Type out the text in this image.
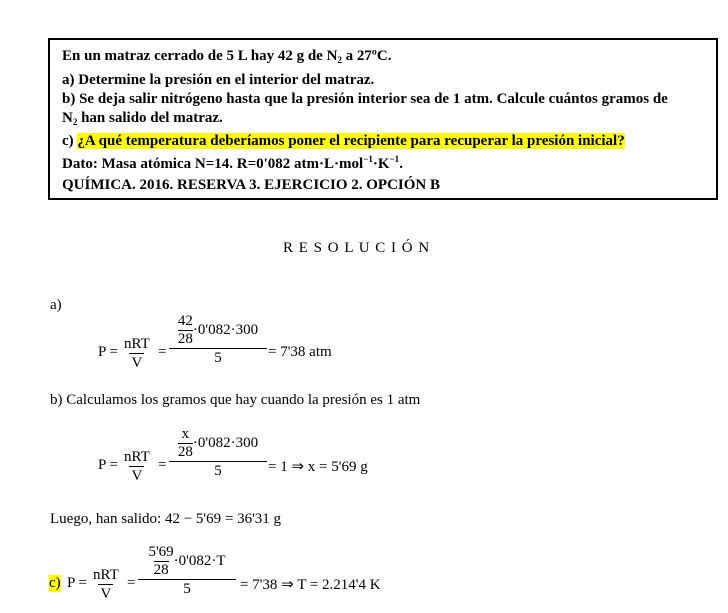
En un matraz cerrado de 5 L hay 42 g de $N_2$ a 27ºC.
a) Determine la presión en el interior del matraz.
b) Se deja salir nitrógeno hasta que la presión interior sea de 1 atm. Calcule cuántos gramos de
$N_2$ han salido del matraz.
c) ¿A qué temperatura deberíamos poner el recipiente para recuperar la presión inicial?
Dato: Masa atómica N=14. R=0'082 $atm\cdot L\cdot mol^{-1}\cdot K^{-1}$.
QUÍMICA. 2016. RESERVA 3. EJERCICIO 2. OPCIÓN B
R E S O L U C I Ó N
a)
P = nRT
V
= $\frac{\frac{42}{28} \cdot 0'082\cdot 300}{5} = 7'38$ atm
b) Calculamos los gramos que hay cuando la presión es 1 atm
P = nRT
V
= $\frac{\frac{x}{28} \cdot 0'082\cdot 300}{5} = 1$ ⇒ x = 5'69 g
Luego, han salido: 42 − 5'69 = 36'31 g
c) P = nRT
V
= $\frac{\frac{5'69}{28} \cdot 0'082\cdot T}{5} = 7'38$ ⇒ T = 2.214'4 K
